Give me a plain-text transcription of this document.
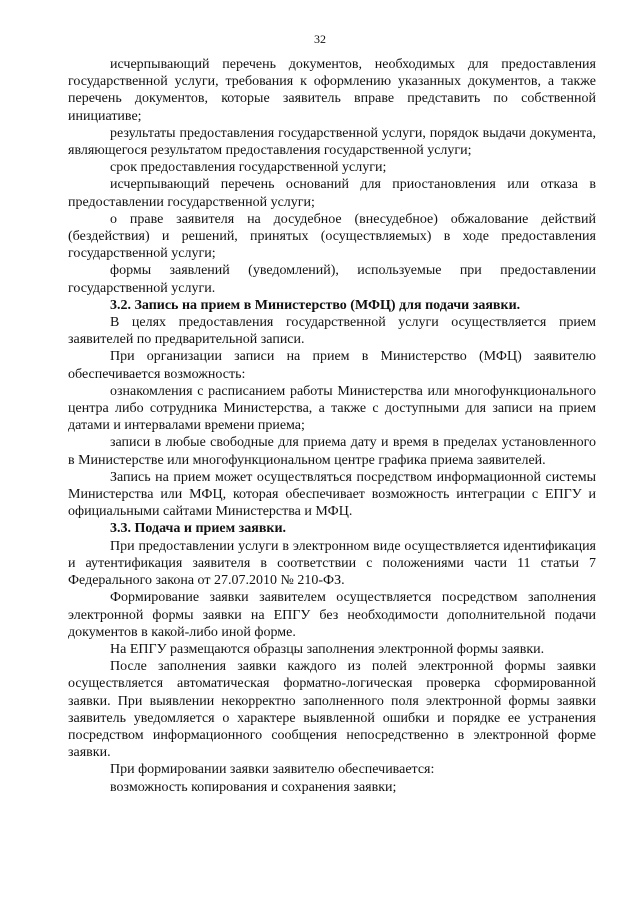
32

исчерпывающий перечень документов, необходимых для предоставления государственной услуги, требования к оформлению указанных документов, а также перечень документов, которые заявитель вправе представить по собственной инициативе;

результаты предоставления государственной услуги, порядок выдачи документа, являющегося результатом предоставления государственной услуги;

срок предоставления государственной услуги;

исчерпывающий перечень оснований для приостановления или отказа в предоставлении государственной услуги;

о праве заявителя на досудебное (внесудебное) обжалование действий (бездействия) и решений, принятых (осуществляемых) в ходе предоставления государственной услуги;

формы заявлений (уведомлений), используемые при предоставлении государственной услуги.

3.2. Запись на прием в Министерство (МФЦ) для подачи заявки.

В целях предоставления государственной услуги осуществляется прием заявителей по предварительной записи.

При организации записи на прием в Министерство (МФЦ) заявителю обеспечивается возможность:

ознакомления с расписанием работы Министерства или многофункционального центра либо сотрудника Министерства, а также с доступными для записи на прием датами и интервалами времени приема;

записи в любые свободные для приема дату и время в пределах установленного в Министерстве или многофункциональном центре графика приема заявителей.

Запись на прием может осуществляться посредством информационной системы Министерства или МФЦ, которая обеспечивает возможность интеграции с ЕПГУ и официальными сайтами Министерства и МФЦ.

3.3. Подача и прием заявки.

При предоставлении услуги в электронном виде осуществляется идентификация и аутентификация заявителя в соответствии с положениями части 11 статьи 7 Федерального закона от 27.07.2010 № 210-ФЗ.

Формирование заявки заявителем осуществляется посредством заполнения электронной формы заявки на ЕПГУ без необходимости дополнительной подачи документов в какой-либо иной форме.

На ЕПГУ размещаются образцы заполнения электронной формы заявки.

После заполнения заявки каждого из полей электронной формы заявки осуществляется автоматическая форматно-логическая проверка сформированной заявки. При выявлении некорректно заполненного поля электронной формы заявки заявитель уведомляется о характере выявленной ошибки и порядке ее устранения посредством информационного сообщения непосредственно в электронной форме заявки.

При формировании заявки заявителю обеспечивается:

возможность копирования и сохранения заявки;
